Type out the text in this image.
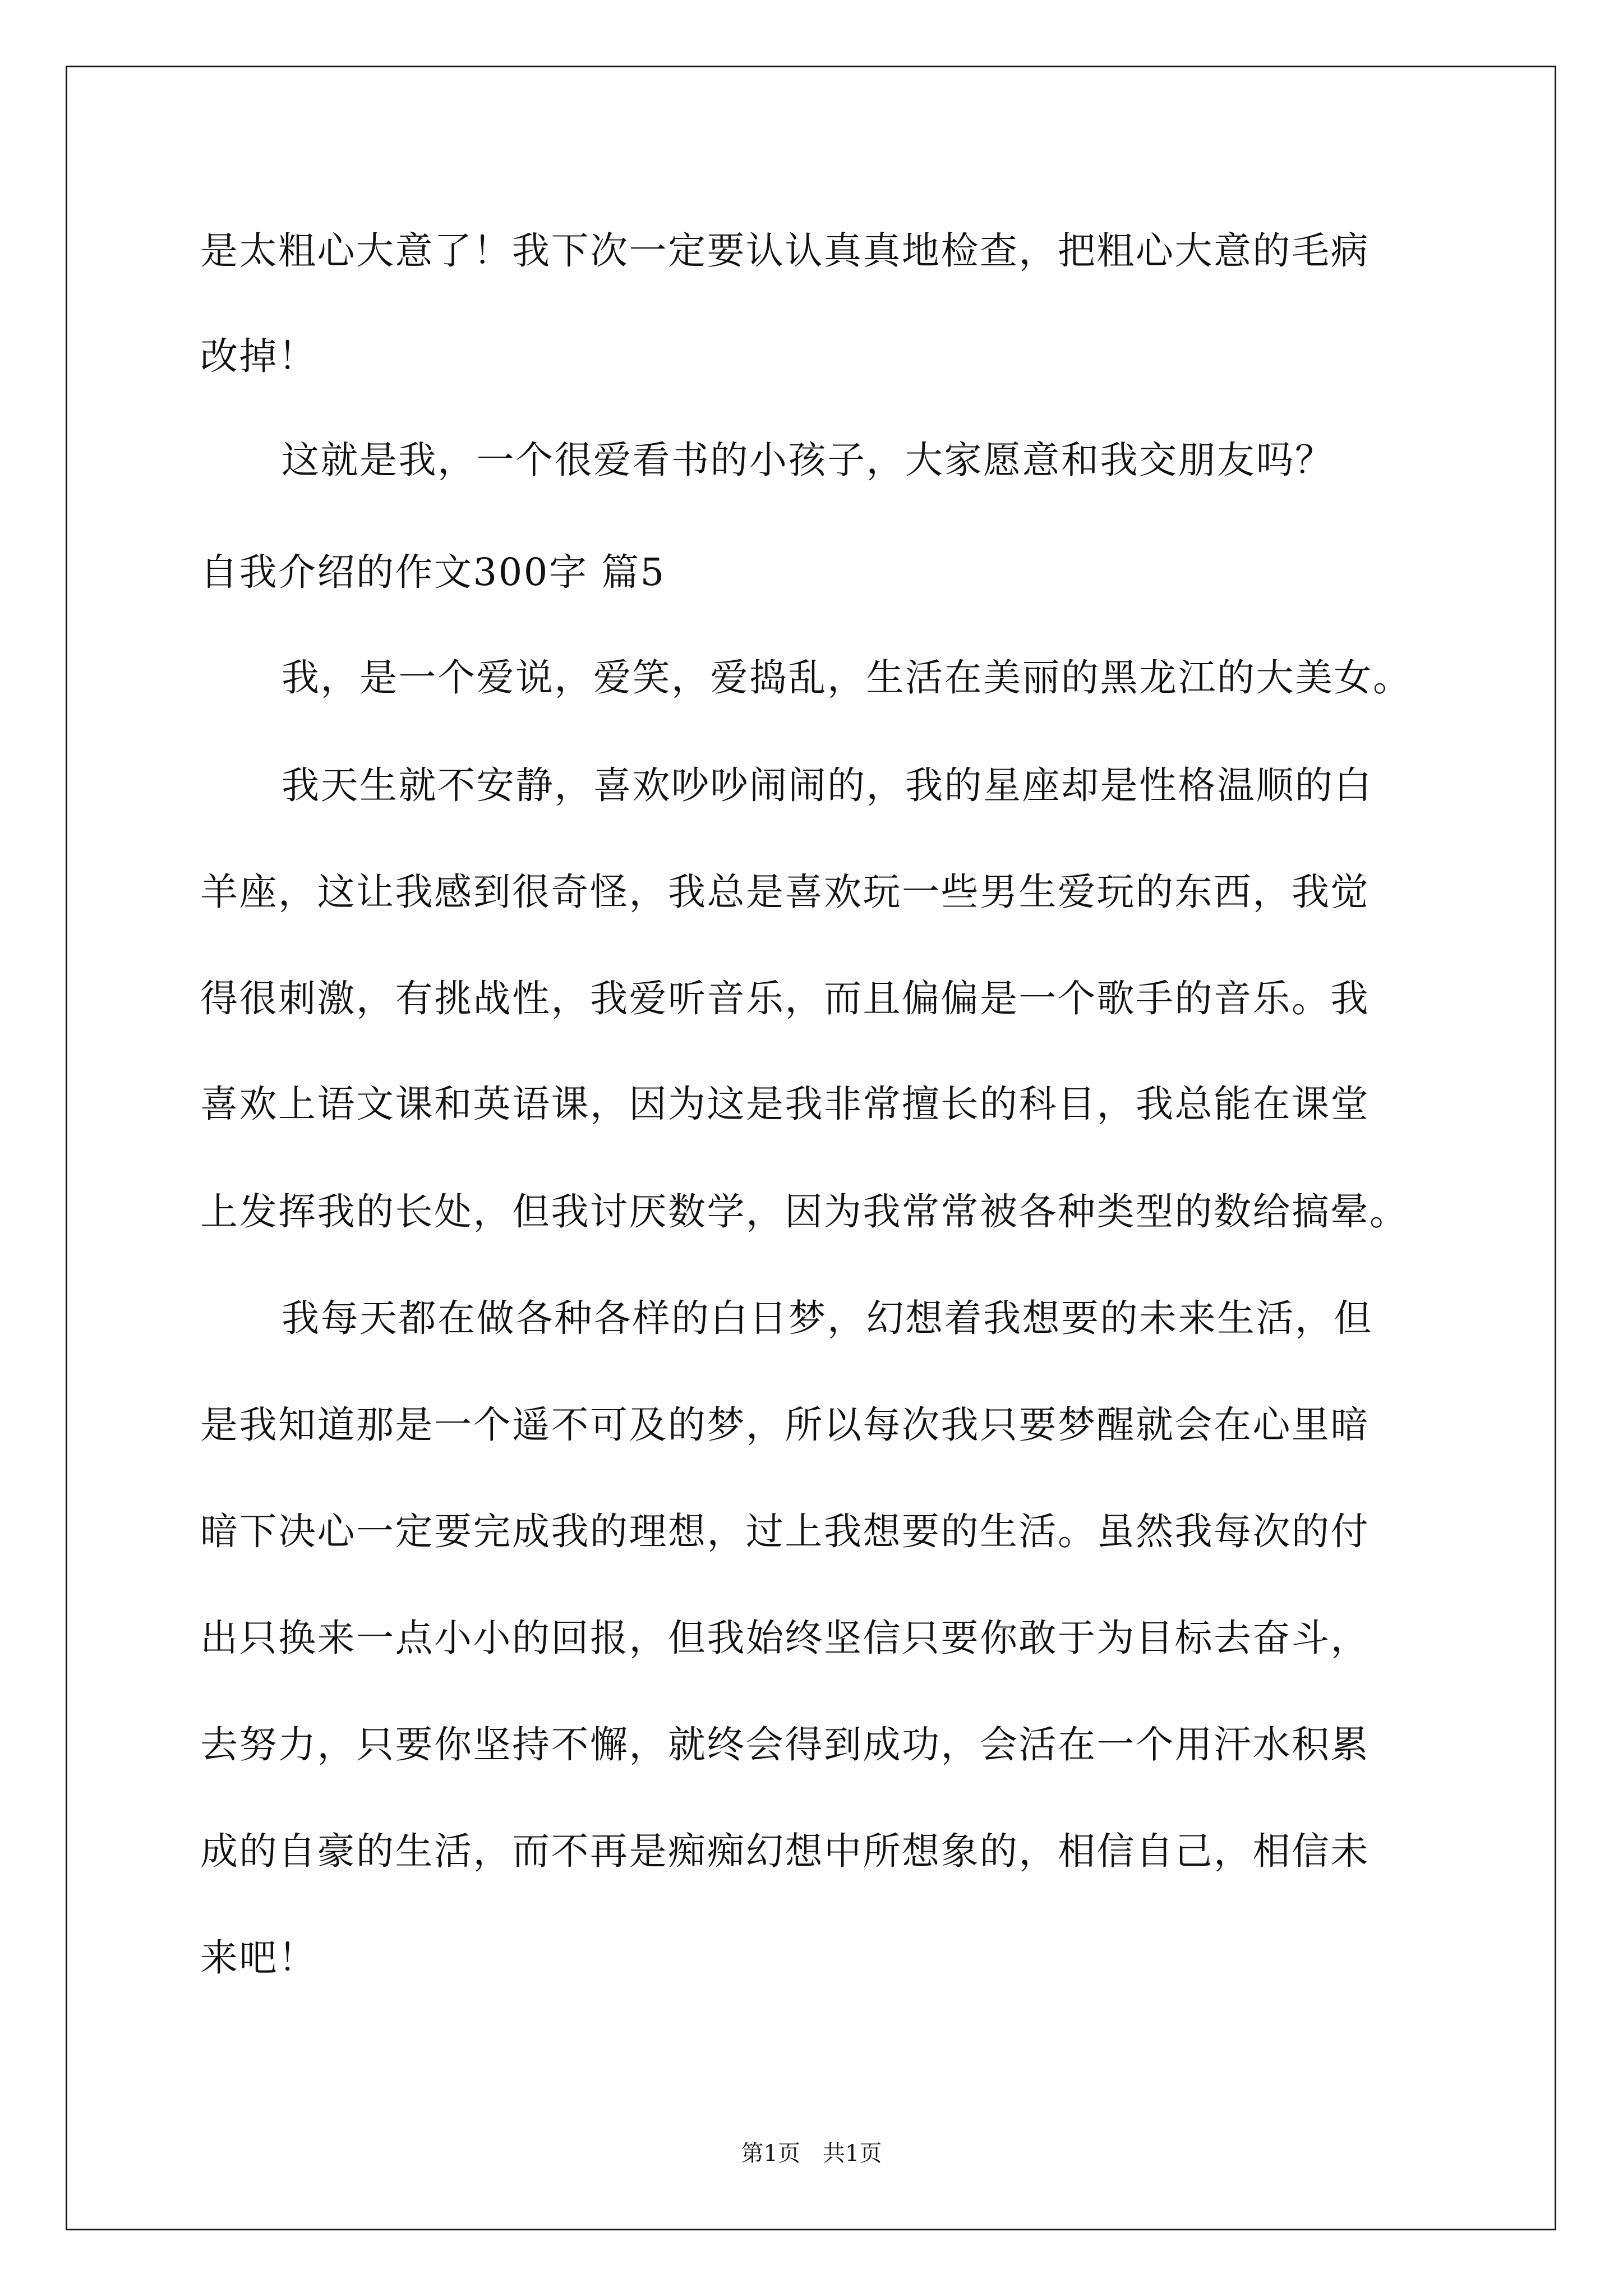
是太粗心大意了！我下次一定要认认真真地检查，把粗心大意的毛病

改掉！

这就是我，一个很爱看书的小孩子，大家愿意和我交朋友吗？

自我介绍的作文300字 篇5

我，是一个爱说，爱笑，爱捣乱，生活在美丽的黑龙江的大美女。

我天生就不安静，喜欢吵吵闹闹的，我的星座却是性格温顺的白

羊座，这让我感到很奇怪，我总是喜欢玩一些男生爱玩的东西，我觉

得很刺激，有挑战性，我爱听音乐，而且偏偏是一个歌手的音乐。我

喜欢上语文课和英语课，因为这是我非常擅长的科目，我总能在课堂

上发挥我的长处，但我讨厌数学，因为我常常被各种类型的数给搞晕。

我每天都在做各种各样的白日梦，幻想着我想要的未来生活，但

是我知道那是一个遥不可及的梦，所以每次我只要梦醒就会在心里暗

暗下决心一定要完成我的理想，过上我想要的生活。虽然我每次的付

出只换来一点小小的回报，但我始终坚信只要你敢于为目标去奋斗，

去努力，只要你坚持不懈，就终会得到成功，会活在一个用汗水积累

成的自豪的生活，而不再是痴痴幻想中所想象的，相信自己，相信未

来吧！

第1页　共1页
